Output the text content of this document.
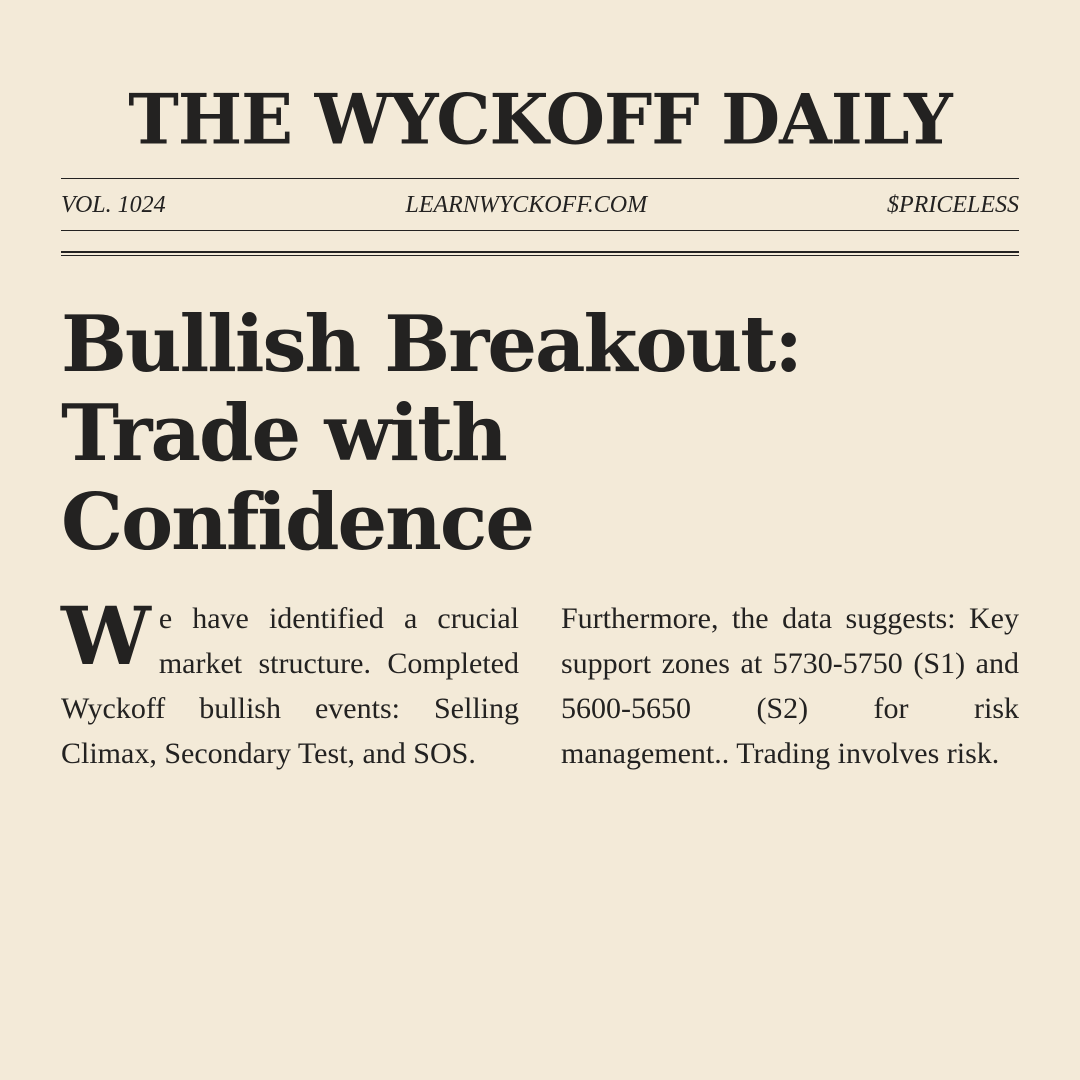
THE WYCKOFF DAILY
VOL. 1024	LEARNWYCKOFF.COM	$PRICELESS
Bullish Breakout: Trade with Confidence

We have identified a crucial market structure. Completed Wyckoff bullish events: Selling Climax, Secondary Test, and SOS.

Furthermore, the data suggests: Key support zones at 5730-5750 (S1) and 5600-5650 (S2) for risk management.. Trading involves risk.
